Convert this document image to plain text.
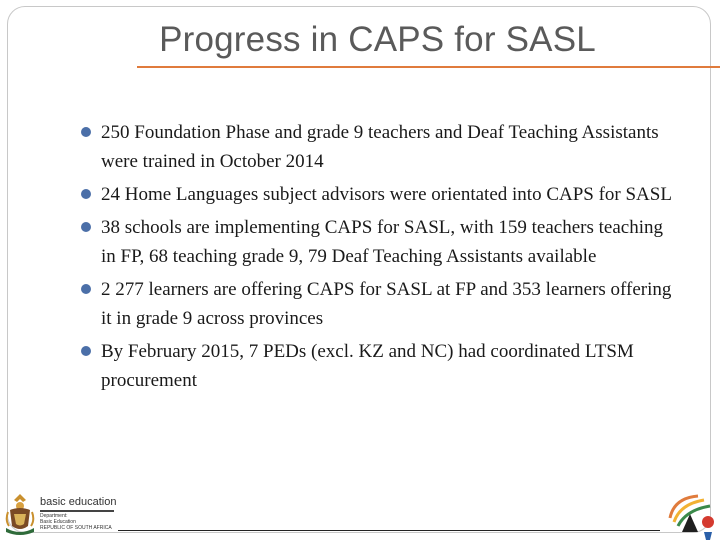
Progress in CAPS for SASL
250 Foundation Phase and grade 9 teachers and Deaf Teaching Assistants were trained in October 2014
24 Home Languages subject advisors were orientated into CAPS for SASL
38 schools are implementing CAPS for SASL, with 159 teachers teaching in FP, 68 teaching grade 9, 79 Deaf Teaching Assistants available
2 277 learners are offering CAPS for SASL at FP and 353 learners offering it in grade 9 across provinces
By February 2015, 7 PEDs (excl. KZ and NC) had coordinated LTSM procurement
basic education
Department:
Basic Education
REPUBLIC OF SOUTH AFRICA
